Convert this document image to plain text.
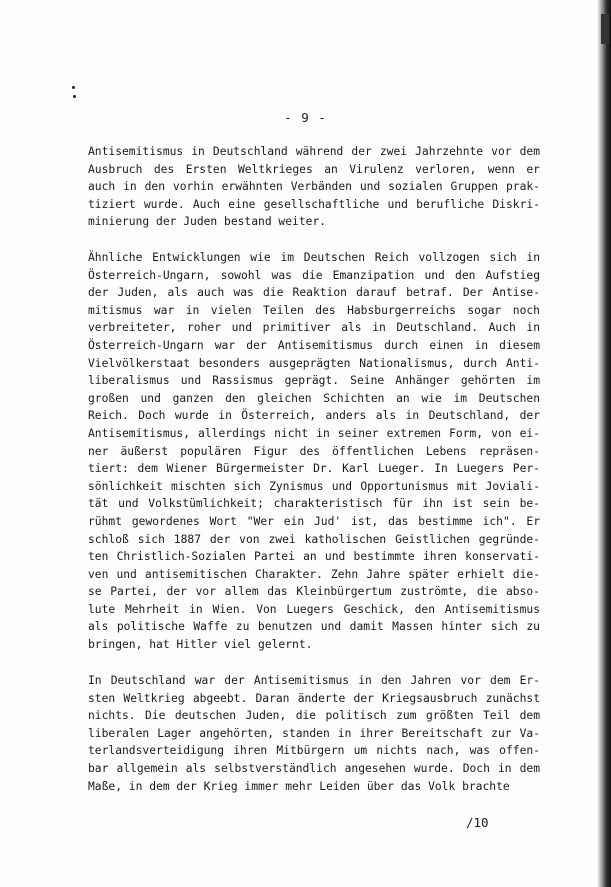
- 9 -
Antisemitismus in Deutschland während der zwei Jahrzehnte vor dem
Ausbruch des Ersten Weltkrieges an Virulenz verloren, wenn er
auch in den vorhin erwähnten Verbänden und sozialen Gruppen prak-
tiziert wurde. Auch eine gesellschaftliche und berufliche Diskri-
minierung der Juden bestand weiter.
Ähnliche Entwicklungen wie im Deutschen Reich vollzogen sich in
Österreich-Ungarn, sowohl was die Emanzipation und den Aufstieg
der Juden, als auch was die Reaktion darauf betraf. Der Antise-
mitismus war in vielen Teilen des Habsburgerreichs sogar noch
verbreiteter, roher und primitiver als in Deutschland. Auch in
Österreich-Ungarn war der Antisemitismus durch einen in diesem
Vielvölkerstaat besonders ausgeprägten Nationalismus, durch Anti-
liberalismus und Rassismus geprägt. Seine Anhänger gehörten im
großen und ganzen den gleichen Schichten an wie im Deutschen
Reich. Doch wurde in Österreich, anders als in Deutschland, der
Antisemitismus, allerdings nicht in seiner extremen Form, von ei-
ner äußerst populären Figur des öffentlichen Lebens repräsen-
tiert: dem Wiener Bürgermeister Dr. Karl Lueger. In Luegers Per-
sönlichkeit mischten sich Zynismus und Opportunismus mit Joviali-
tät und Volkstümlichkeit; charakteristisch für ihn ist sein be-
rühmt gewordenes Wort "Wer ein Jud' ist, das bestimme ich". Er
schloß sich 1887 der von zwei katholischen Geistlichen gegründe-
ten Christlich-Sozialen Partei an und bestimmte ihren konservati-
ven und antisemitischen Charakter. Zehn Jahre später erhielt die-
se Partei, der vor allem das Kleinbürgertum zuströmte, die abso-
lute Mehrheit in Wien. Von Luegers Geschick, den Antisemitismus
als politische Waffe zu benutzen und damit Massen hinter sich zu
bringen, hat Hitler viel gelernt.
In Deutschland war der Antisemitismus in den Jahren vor dem Er-
sten Weltkrieg abgeebt. Daran änderte der Kriegsausbruch zunächst
nichts. Die deutschen Juden, die politisch zum größten Teil dem
liberalen Lager angehörten, standen in ihrer Bereitschaft zur Va-
terlandsverteidigung ihren Mitbürgern um nichts nach, was offen-
bar allgemein als selbstverständlich angesehen wurde. Doch in dem
Maße, in dem der Krieg immer mehr Leiden über das Volk brachte
/10
